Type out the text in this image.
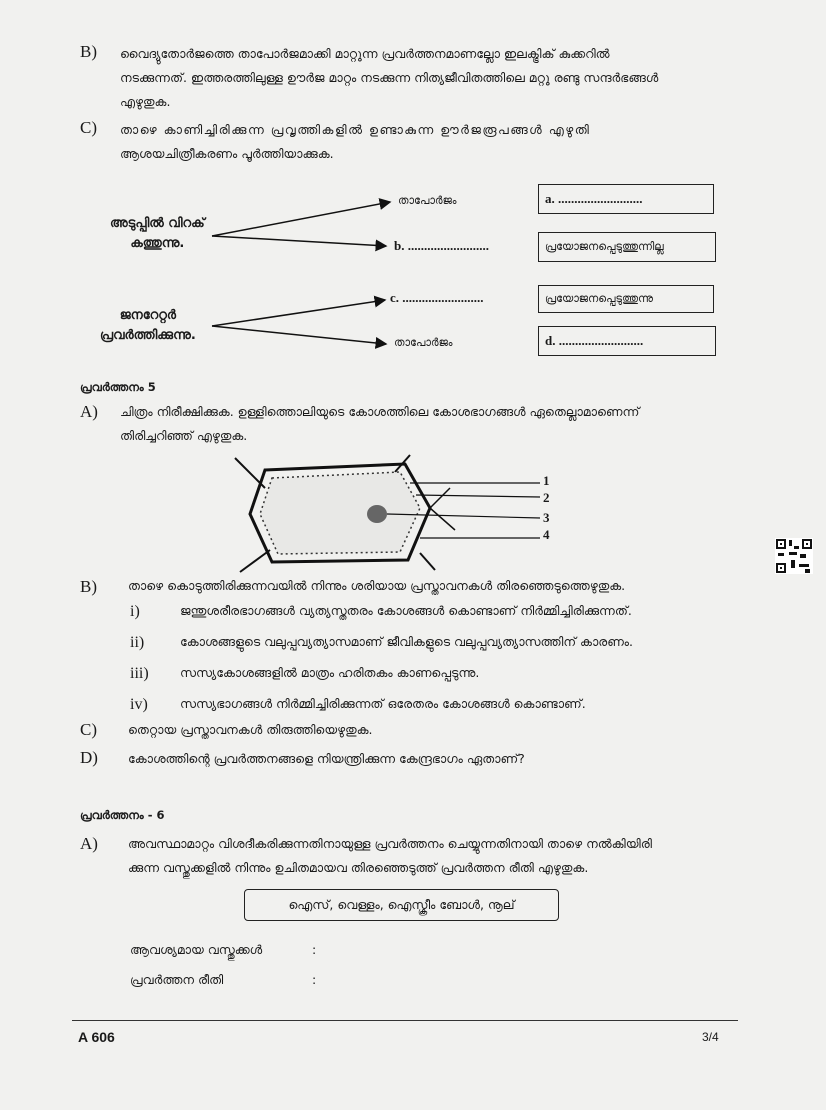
B) വൈദ്യുതോർജത്തെ താപോർജമാക്കി മാറ്റുന്ന പ്രവർത്തനമാണല്ലോ ഇലക്ട്രിക് കുക്കറിൽ
നടക്കുന്നത്. ഇത്തരത്തിലുള്ള ഊർജ മാറ്റം നടക്കുന്ന നിത്യജീവിതത്തിലെ മറ്റു രണ്ടു സന്ദർഭങ്ങൾ
എഴുതുക.
C) താഴെ കാണിച്ചിരിക്കുന്ന പ്രവൃത്തികളിൽ ഉണ്ടാകുന്ന ഊർജരൂപങ്ങൾ എഴുതി
ആശയചിത്രീകരണം പൂർത്തിയാക്കുക.
അടുപ്പിൽ വിറക്
കത്തുന്നു.
ജനറേറ്റർ
പ്രവർത്തിക്കുന്നു.
താപോർജം
b. .........................
c. .........................
താപോർജം
a. ..........................
പ്രയോജനപ്പെടുത്തുന്നില്ല
പ്രയോജനപ്പെടുത്തുന്നു
d. ..........................
പ്രവർത്തനം 5
A) ചിത്രം നിരീക്ഷിക്കുക. ഉള്ളിത്തൊലിയുടെ കോശത്തിലെ കോശഭാഗങ്ങൾ ഏതെല്ലാമാണെന്ന്
തിരിച്ചറിഞ്ഞ് എഴുതുക.
1
2
3
4
B) താഴെ കൊടുത്തിരിക്കുന്നവയിൽ നിന്നും ശരിയായ പ്രസ്താവനകൾ തിരഞ്ഞെടുത്തെഴുതുക.
i)	ജന്തുശരീരഭാഗങ്ങൾ വ്യത്യസ്തതരം കോശങ്ങൾ കൊണ്ടാണ് നിർമ്മിച്ചിരിക്കുന്നത്.
ii)	കോശങ്ങളുടെ വലുപ്പവ്യത്യാസമാണ് ജീവികളുടെ വലുപ്പവ്യത്യാസത്തിന് കാരണം.
iii)	സസ്യകോശങ്ങളിൽ മാത്രം ഹരിതകം കാണപ്പെടുന്നു.
iv)	സസ്യഭാഗങ്ങൾ നിർമ്മിച്ചിരിക്കുന്നത് ഒരേതരം കോശങ്ങൾ കൊണ്ടാണ്.
C) തെറ്റായ പ്രസ്താവനകൾ തിരുത്തിയെഴുതുക.
D) കോശത്തിന്റെ പ്രവർത്തനങ്ങളെ നിയന്ത്രിക്കുന്ന കേന്ദ്രഭാഗം ഏതാണ്?
പ്രവർത്തനം - 6
A) അവസ്ഥാമാറ്റം വിശദീകരിക്കുന്നതിനായുള്ള പ്രവർത്തനം ചെയ്യുന്നതിനായി താഴെ നൽകിയിരി
ക്കുന്ന വസ്തുക്കളിൽ നിന്നും ഉചിതമായവ തിരഞ്ഞെടുത്ത് പ്രവർത്തന രീതി എഴുതുക.
ഐസ്, വെള്ളം, ഐസ്ക്രീം ബോൾ, നൂല്
ആവശ്യമായ വസ്തുക്കൾ	:
പ്രവർത്തന രീതി	:
A 606	3/4
